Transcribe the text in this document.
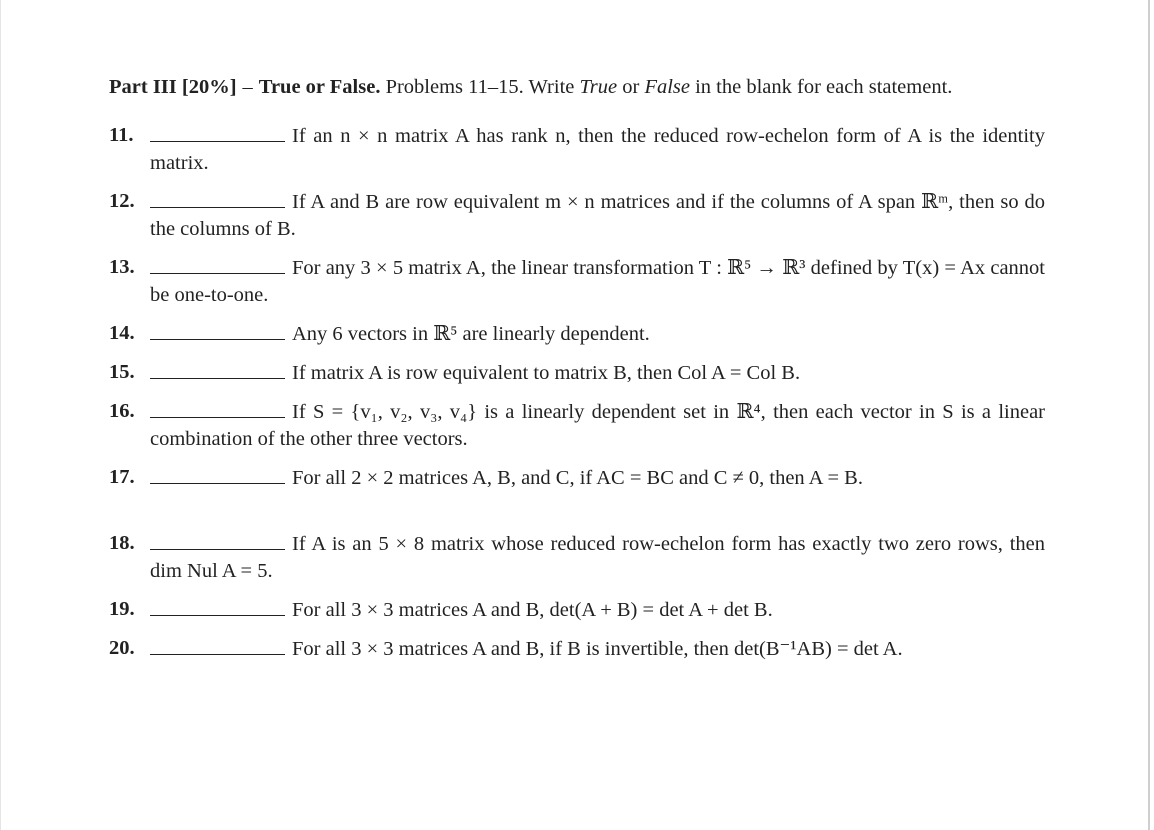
Part III [20%] – True or False. Problems 11–15. Write True or False in the blank for each statement.

11.	If an n × n matrix A has rank n, then the reduced row-echelon form of A is the identity matrix.
12.	If A and B are row equivalent m × n matrices and if the columns of A span ℝᵐ, then so do the columns of B.
13.	For any 3 × 5 matrix A, the linear transformation T : ℝ⁵ → ℝ³ defined by T(x) = Ax cannot be one-to-one.
14.	Any 6 vectors in ℝ⁵ are linearly dependent.
15.	If matrix A is row equivalent to matrix B, then Col A = Col B.
16.	If S = {v₁, v₂, v₃, v₄} is a linearly dependent set in ℝ⁴, then each vector in S is a linear combination of the other three vectors.
17.	For all 2 × 2 matrices A, B, and C, if AC = BC and C ≠ 0, then A = B.
18.	If A is an 5 × 8 matrix whose reduced row-echelon form has exactly two zero rows, then dim Nul A = 5.
19.	For all 3 × 3 matrices A and B, det(A + B) = det A + det B.
20.	For all 3 × 3 matrices A and B, if B is invertible, then det(B⁻¹AB) = det A.
